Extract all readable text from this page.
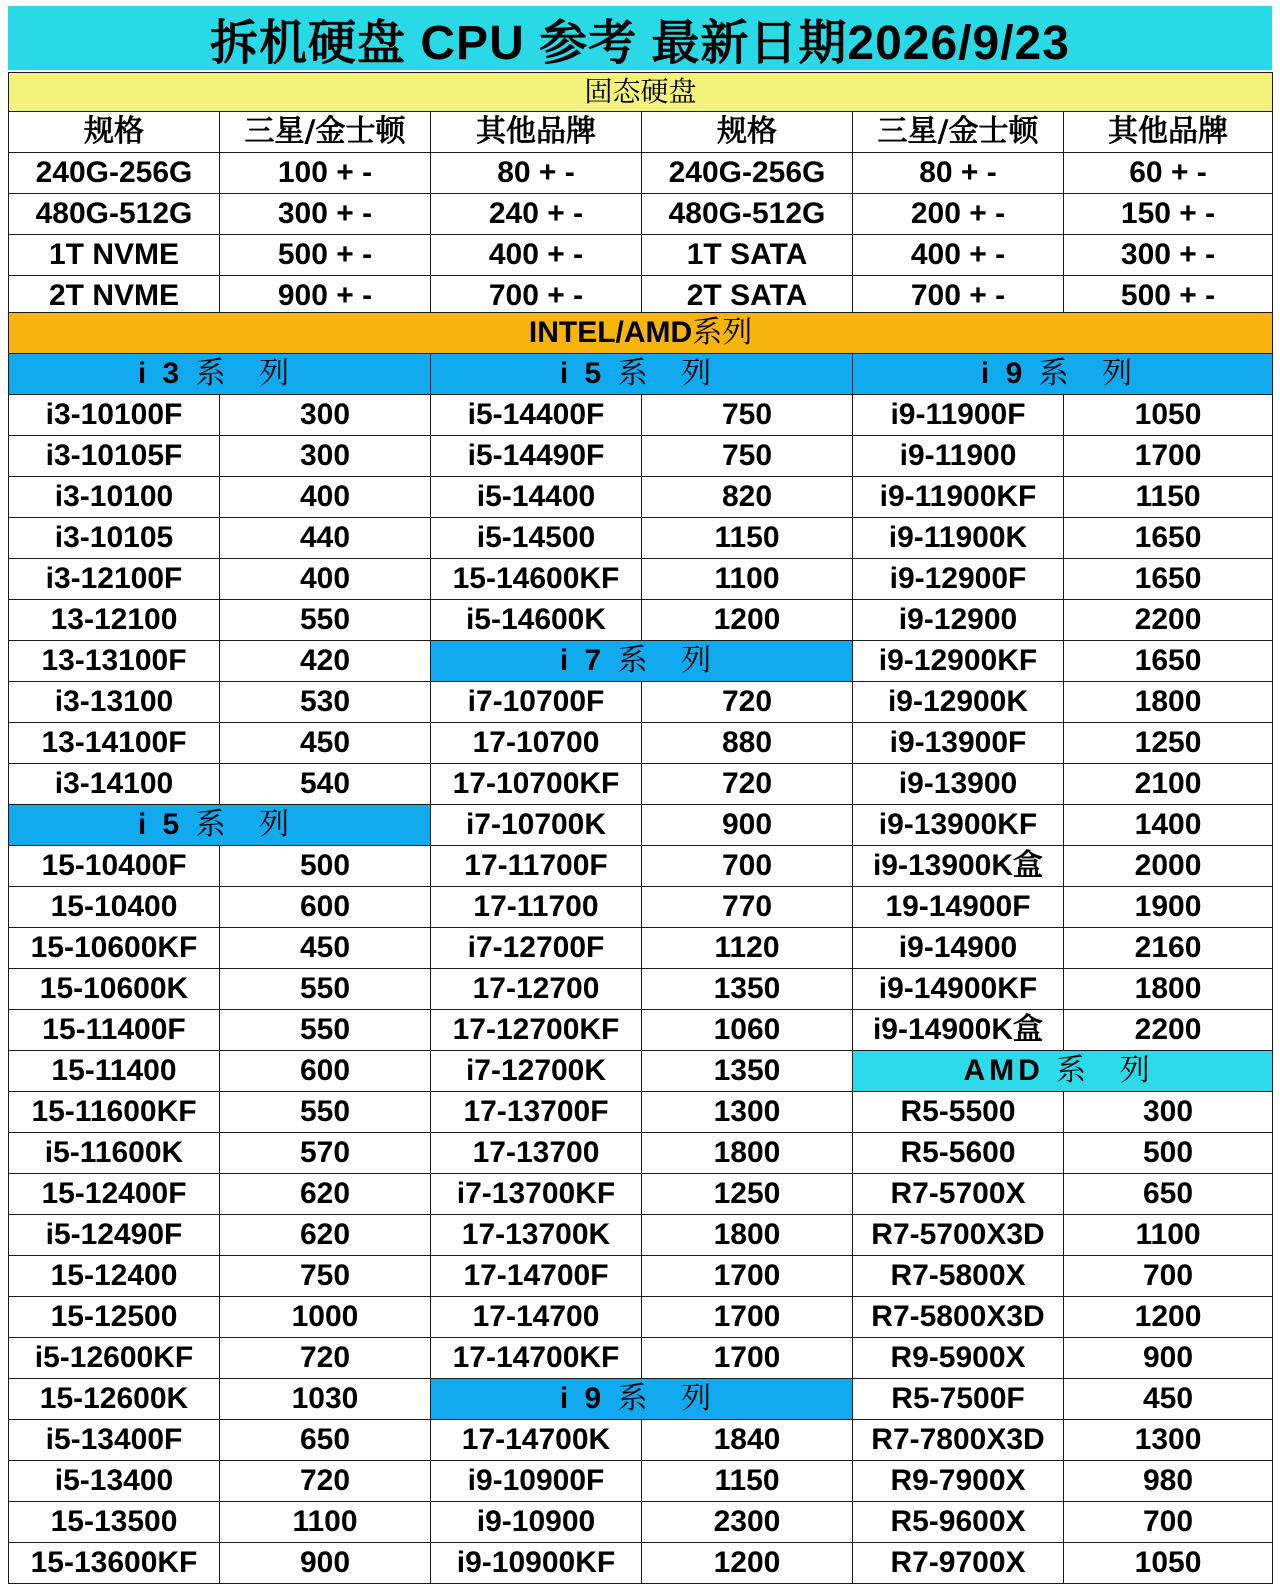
拆机硬盘 CPU 参考 最新日期2026/9/23
固态硬盘					
规格	三星/金士顿	其他品牌	规格	三星/金士顿	其他品牌
240G-256G	100 + -	80 + -	240G-256G	80 + -	60 + -
480G-512G	300 + -	240 + -	480G-512G	200 + -	150 + -
1T NVME	500 + -	400 + -	1T SATA	400 + -	300 + -
2T NVME	900 + -	700 + -	2T SATA	700 + -	500 + -
INTEL/AMD系列					
i 3 系 列		i 5 系 列		i 9 系 列	
i3-10100F	300	i5-14400F	750	i9-11900F	1050
i3-10105F	300	i5-14490F	750	i9-11900	1700
i3-10100	400	i5-14400	820	i9-11900KF	1150
i3-10105	440	i5-14500	1150	i9-11900K	1650
i3-12100F	400	15-14600KF	1100	i9-12900F	1650
13-12100	550	i5-14600K	1200	i9-12900	2200
13-13100F	420	i 7 系 列		i9-12900KF	1650
i3-13100	530	i7-10700F	720	i9-12900K	1800
13-14100F	450	17-10700	880	i9-13900F	1250
i3-14100	540	17-10700KF	720	i9-13900	2100
i 5 系 列		i7-10700K	900	i9-13900KF	1400
15-10400F	500	17-11700F	700	i9-13900K盒	2000
15-10400	600	17-11700	770	19-14900F	1900
15-10600KF	450	i7-12700F	1120	i9-14900	2160
15-10600K	550	17-12700	1350	i9-14900KF	1800
15-11400F	550	17-12700KF	1060	i9-14900K盒	2200
15-11400	600	i7-12700K	1350	AMD 系 列	
15-11600KF	550	17-13700F	1300	R5-5500	300
i5-11600K	570	17-13700	1800	R5-5600	500
15-12400F	620	i7-13700KF	1250	R7-5700X	650
i5-12490F	620	17-13700K	1800	R7-5700X3D	1100
15-12400	750	17-14700F	1700	R7-5800X	700
15-12500	1000	17-14700	1700	R7-5800X3D	1200
i5-12600KF	720	17-14700KF	1700	R9-5900X	900
15-12600K	1030	i 9 系 列		R5-7500F	450
i5-13400F	650	17-14700K	1840	R7-7800X3D	1300
i5-13400	720	i9-10900F	1150	R9-7900X	980
15-13500	1100	i9-10900	2300	R5-9600X	700
15-13600KF	900	i9-10900KF	1200	R7-9700X	1050
